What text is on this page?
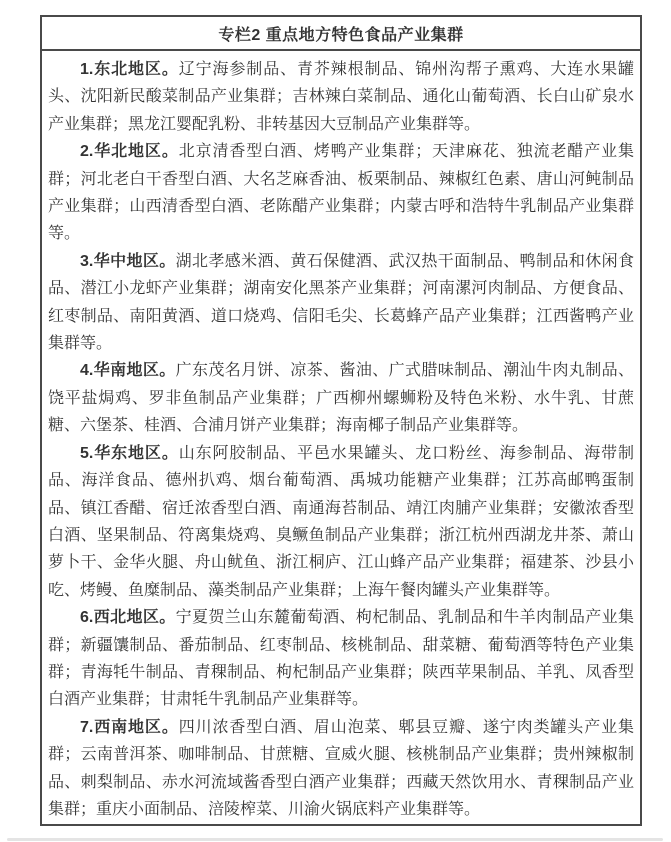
专栏2 重点地方特色食品产业集群

1.东北地区。辽宁海参制品、青芥辣根制品、锦州沟帮子熏鸡、大连水果罐头、沈阳新民酸菜制品产业集群；吉林辣白菜制品、通化山葡萄酒、长白山矿泉水产业集群；黑龙江婴配乳粉、非转基因大豆制品产业集群等。

2.华北地区。北京清香型白酒、烤鸭产业集群；天津麻花、独流老醋产业集群；河北老白干香型白酒、大名芝麻香油、板栗制品、辣椒红色素、唐山河鲀制品产业集群；山西清香型白酒、老陈醋产业集群；内蒙古呼和浩特牛乳制品产业集群等。

3.华中地区。湖北孝感米酒、黄石保健酒、武汉热干面制品、鸭制品和休闲食品、潜江小龙虾产业集群；湖南安化黑茶产业集群；河南漯河肉制品、方便食品、红枣制品、南阳黄酒、道口烧鸡、信阳毛尖、长葛蜂产品产业集群；江西酱鸭产业集群等。

4.华南地区。广东茂名月饼、凉茶、酱油、广式腊味制品、潮汕牛肉丸制品、饶平盐焗鸡、罗非鱼制品产业集群；广西柳州螺蛳粉及特色米粉、水牛乳、甘蔗糖、六堡茶、桂酒、合浦月饼产业集群；海南椰子制品产业集群等。

5.华东地区。山东阿胶制品、平邑水果罐头、龙口粉丝、海参制品、海带制品、海洋食品、德州扒鸡、烟台葡萄酒、禹城功能糖产业集群；江苏高邮鸭蛋制品、镇江香醋、宿迁浓香型白酒、南通海苔制品、靖江肉脯产业集群；安徽浓香型白酒、坚果制品、符离集烧鸡、臭鳜鱼制品产业集群；浙江杭州西湖龙井茶、萧山萝卜干、金华火腿、舟山鱿鱼、浙江桐庐、江山蜂产品产业集群；福建茶、沙县小吃、烤鳗、鱼糜制品、藻类制品产业集群；上海午餐肉罐头产业集群等。

6.西北地区。宁夏贺兰山东麓葡萄酒、枸杞制品、乳制品和牛羊肉制品产业集群；新疆馕制品、番茄制品、红枣制品、核桃制品、甜菜糖、葡萄酒等特色产业集群；青海牦牛制品、青稞制品、枸杞制品产业集群；陕西苹果制品、羊乳、凤香型白酒产业集群；甘肃牦牛乳制品产业集群等。

7.西南地区。四川浓香型白酒、眉山泡菜、郫县豆瓣、遂宁肉类罐头产业集群；云南普洱茶、咖啡制品、甘蔗糖、宣威火腿、核桃制品产业集群；贵州辣椒制品、刺梨制品、赤水河流域酱香型白酒产业集群；西藏天然饮用水、青稞制品产业集群；重庆小面制品、涪陵榨菜、川渝火锅底料产业集群等。
